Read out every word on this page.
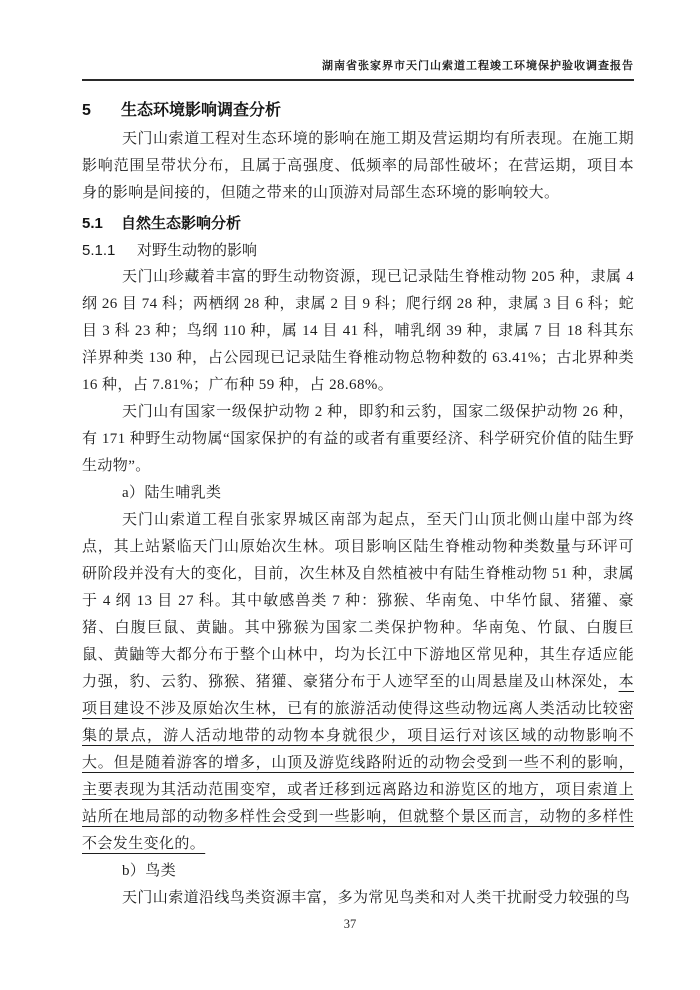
湖南省张家界市天门山索道工程竣工环境保护验收调查报告
5	生态环境影响调查分析

天门山索道工程对生态环境的影响在施工期及营运期均有所表现。在施工期影响范围呈带状分布，且属于高强度、低频率的局部性破坏；在营运期，项目本身的影响是间接的，但随之带来的山顶游对局部生态环境的影响较大。

5.1	自然生态影响分析
5.1.1	对野生动物的影响

天门山珍藏着丰富的野生动物资源，现已记录陆生脊椎动物 205 种，隶属 4 纲 26 目 74 科；两栖纲 28 种，隶属 2 目 9 科；爬行纲 28 种，隶属 3 目 6 科；蛇目 3 科 23 种；鸟纲 110 种，属 14 目 41 科，哺乳纲 39 种，隶属 7 目 18 科其东洋界种类 130 种，占公园现已记录陆生脊椎动物总物种数的 63.41%；古北界种类 16 种，占 7.81%；广布种 59 种，占 28.68%。

天门山有国家一级保护动物 2 种，即豹和云豹，国家二级保护动物 26 种，有 171 种野生动物属“国家保护的有益的或者有重要经济、科学研究价值的陆生野生动物”。

a）陆生哺乳类

天门山索道工程自张家界城区南部为起点，至天门山顶北侧山崖中部为终点，其上站紧临天门山原始次生林。项目影响区陆生脊椎动物种类数量与环评可研阶段并没有大的变化，目前，次生林及自然植被中有陆生脊椎动物 51 种，隶属于 4 纲 13 目 27 科。其中敏感兽类 7 种：猕猴、华南兔、中华竹鼠、猪獾、豪猪、白腹巨鼠、黄鼬。其中猕猴为国家二类保护物种。华南兔、竹鼠、白腹巨鼠、黄鼬等大都分布于整个山林中，均为长江中下游地区常见种，其生存适应能力强，豹、云豹、猕猴、猪獾、豪猪分布于人迹罕至的山周悬崖及山林深处，本项目建设不涉及原始次生林，已有的旅游活动使得这些动物远离人类活动比较密集的景点，游人活动地带的动物本身就很少，项目运行对该区域的动物影响不大。但是随着游客的增多，山顶及游览线路附近的动物会受到一些不利的影响，主要表现为其活动范围变窄，或者迁移到远离路边和游览区的地方，项目索道上站所在地局部的动物多样性会受到一些影响，但就整个景区而言，动物的多样性不会发生变化的。

b）鸟类

天门山索道沿线鸟类资源丰富，多为常见鸟类和对人类干扰耐受力较强的鸟

37
